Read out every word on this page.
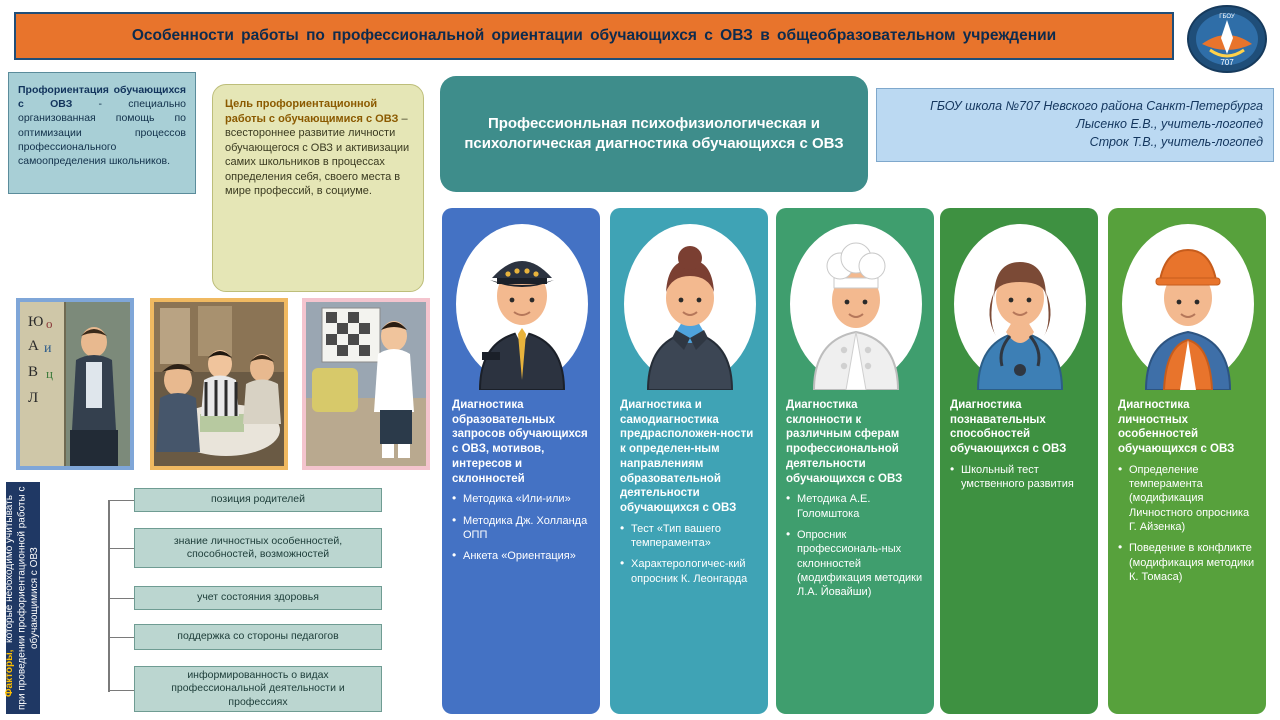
Особенности работы по профессиональной ориентации обучающихся с ОВЗ в общеобразовательном учреждении
ГБОУ
707
Профориентация обучающихся с ОВЗ - специально организованная помощь по оптимизации процессов профессионального самоопределения школьников.
Цель профориентационной работы с обучающимися с ОВЗ – всестороннее развитие личности обучающегося с ОВЗ и активизации самих школьников в процессах определения себя, своего места в мире профессий, в социуме.
Профессионльная психофизиологическая и психологическая диагностика обучающихся с ОВЗ
ГБОУ школа №707 Невского района Санкт-Петербурга
Лысенко Е.В., учитель-логопед
Строк Т.В., учитель-логопед
Ю о
А и
В ц
Л
Факторы, которые необходимо учитывать при проведении профориентационной работы с обучающимися с ОВЗ
позиция родителей
знание личностных особенностей, способностей, возможностей
учет состояния здоровья
поддержка со стороны педагогов
информированность о видах профессиональной деятельности и профессиях
Диагностика образовательных запросов обучающихся с ОВЗ, мотивов, интересов и склонностей
• Методика «Или-или»
• Методика Дж. Холланда ОПП
• Анкета «Ориентация»
Диагностика и самодиагностика предрасположен-ности к определен-ным направлениям образовательной деятельности обучающихся с ОВЗ
• Тест «Тип вашего темперамента»
• Характерологичес-кий опросник К. Леонгарда
Диагностика склонности к различным сферам профессиональной деятельности обучающихся с ОВЗ
• Методика А.Е. Голомштока
• Опросник профессиональ-ных склонностей (модификация методики Л.А. Йовайши)
Диагностика познавательных способностей обучающихся с ОВЗ
• Школьный тест умственного развития
Диагностика личностных особенностей обучающихся с ОВЗ
• Определение темперамента (модификация Личностного опросника Г. Айзенка)
• Поведение в конфликте (модификация методики К. Томаса)
